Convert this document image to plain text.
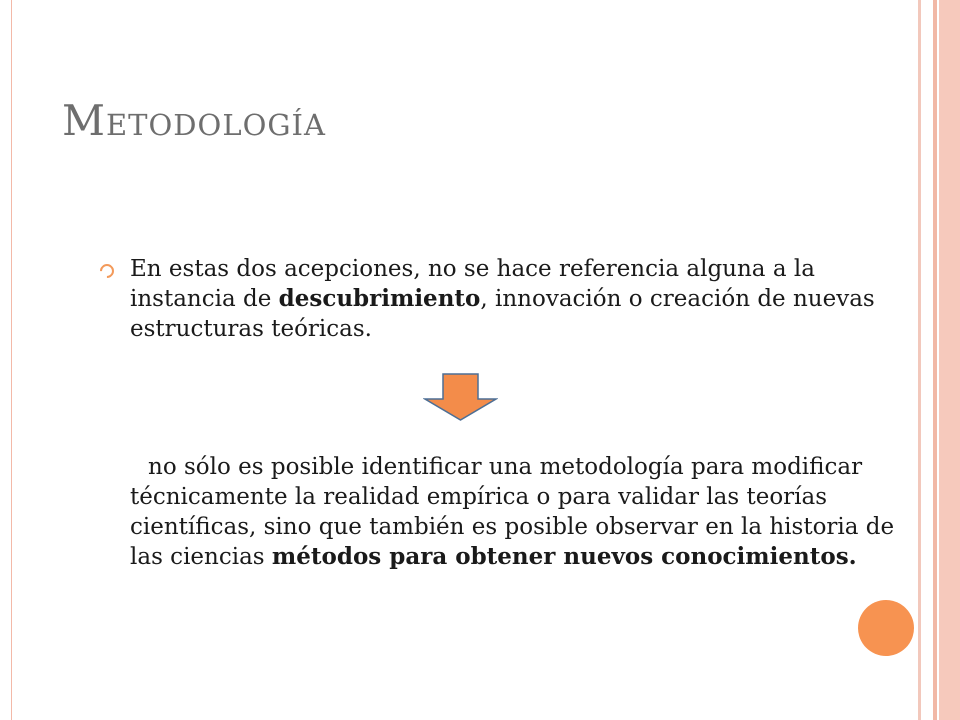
Metodología

En estas dos acepciones, no se hace referencia alguna a la instancia de descubrimiento, innovación o creación de nuevas estructuras teóricas.

no sólo es posible identificar una metodología para modificar técnicamente la realidad empírica o para validar las teorías científicas, sino que también es posible observar en la historia de las ciencias métodos para obtener nuevos conocimientos.
